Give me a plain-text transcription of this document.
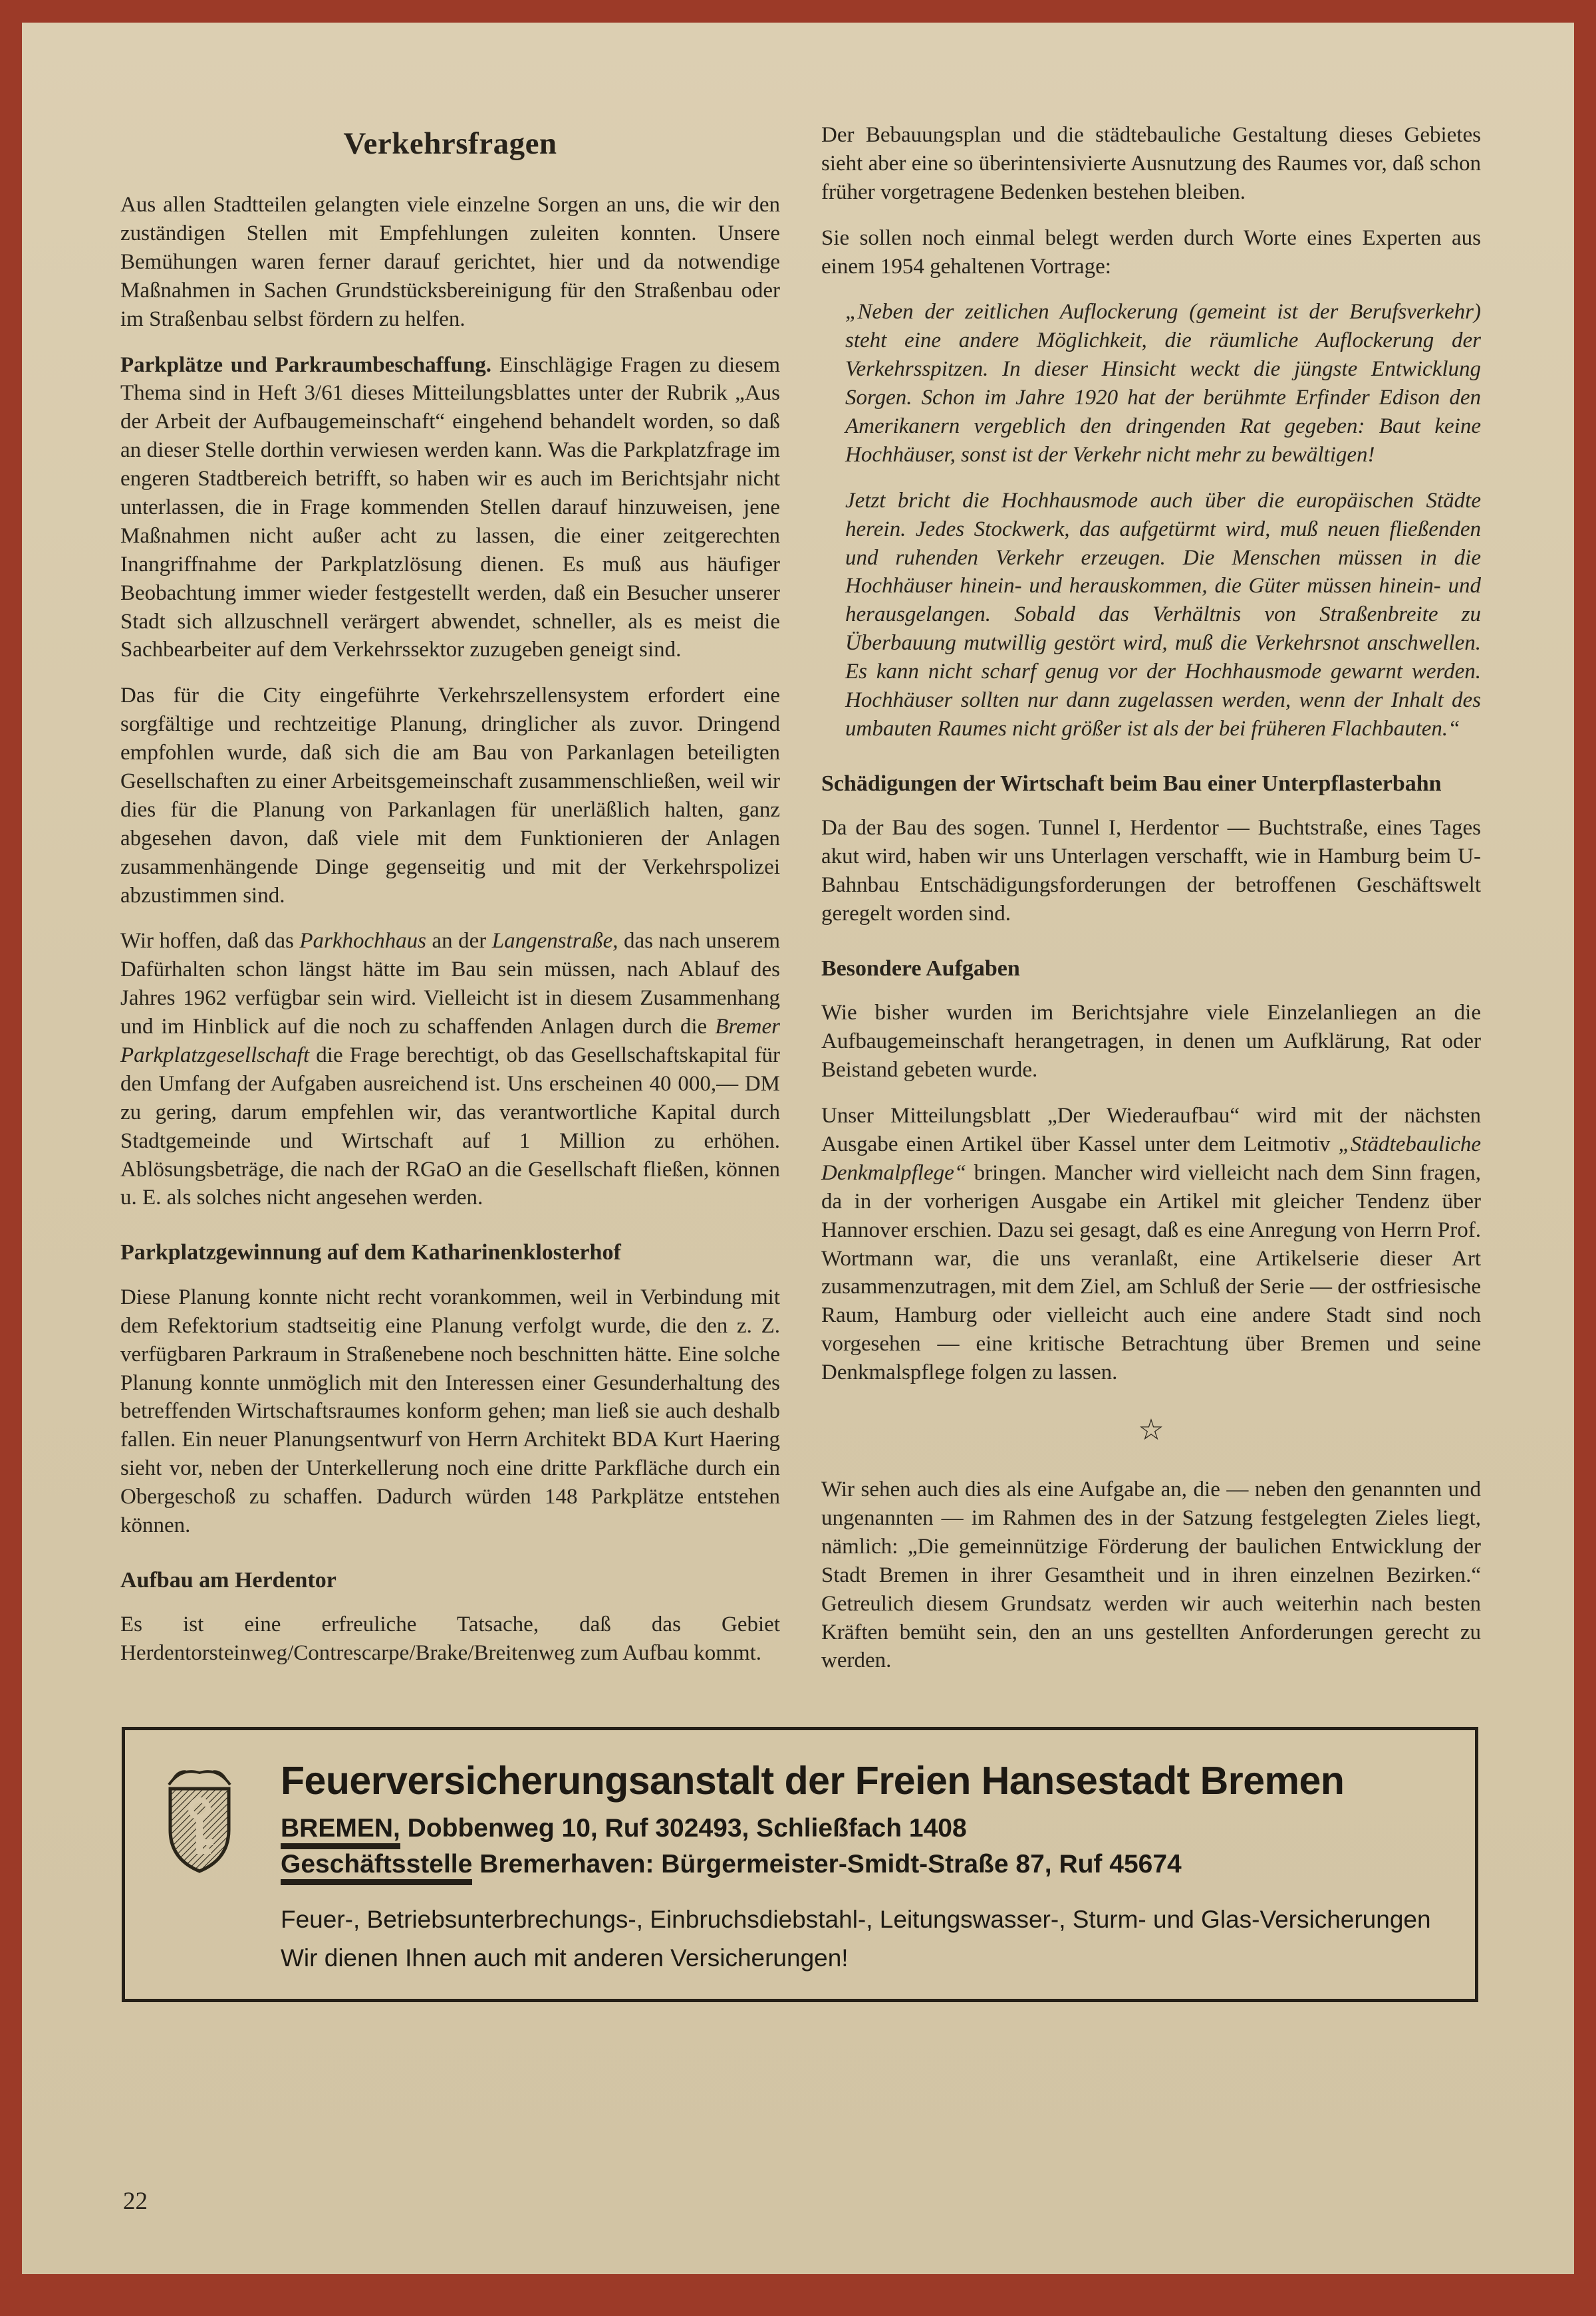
Verkehrsfragen

Aus allen Stadtteilen gelangten viele einzelne Sorgen an uns, die wir den zuständigen Stellen mit Empfehlungen zuleiten konnten. Unsere Bemühungen waren ferner darauf gerichtet, hier und da notwendige Maßnahmen in Sachen Grundstücksbereinigung für den Straßenbau oder im Straßenbau selbst fördern zu helfen.

Parkplätze und Parkraumbeschaffung. Einschlägige Fragen zu diesem Thema sind in Heft 3/61 dieses Mitteilungsblattes unter der Rubrik „Aus der Arbeit der Aufbaugemeinschaft“ eingehend behandelt worden, so daß an dieser Stelle dorthin verwiesen werden kann. Was die Parkplatzfrage im engeren Stadtbereich betrifft, so haben wir es auch im Berichtsjahr nicht unterlassen, die in Frage kommenden Stellen darauf hinzuweisen, jene Maßnahmen nicht außer acht zu lassen, die einer zeitgerechten Inangriffnahme der Parkplatzlösung dienen. Es muß aus häufiger Beobachtung immer wieder festgestellt werden, daß ein Besucher unserer Stadt sich allzuschnell verärgert abwendet, schneller, als es meist die Sachbearbeiter auf dem Verkehrssektor zuzugeben geneigt sind.

Das für die City eingeführte Verkehrszellensystem erfordert eine sorgfältige und rechtzeitige Planung, dringlicher als zuvor. Dringend empfohlen wurde, daß sich die am Bau von Parkanlagen beteiligten Gesellschaften zu einer Arbeitsgemeinschaft zusammenschließen, weil wir dies für die Planung von Parkanlagen für unerläßlich halten, ganz abgesehen davon, daß viele mit dem Funktionieren der Anlagen zusammenhängende Dinge gegenseitig und mit der Verkehrspolizei abzustimmen sind.

Wir hoffen, daß das Parkhochhaus an der Langenstraße, das nach unserem Dafürhalten schon längst hätte im Bau sein müssen, nach Ablauf des Jahres 1962 verfügbar sein wird. Vielleicht ist in diesem Zusammenhang und im Hinblick auf die noch zu schaffenden Anlagen durch die Bremer Parkplatzgesellschaft die Frage berechtigt, ob das Gesellschaftskapital für den Umfang der Aufgaben ausreichend ist. Uns erscheinen 40 000,— DM zu gering, darum empfehlen wir, das verantwortliche Kapital durch Stadtgemeinde und Wirtschaft auf 1 Million zu erhöhen. Ablösungsbeträge, die nach der RGaO an die Gesellschaft fließen, können u. E. als solches nicht angesehen werden.

Parkplatzgewinnung auf dem Katharinenklosterhof

Diese Planung konnte nicht recht vorankommen, weil in Verbindung mit dem Refektorium stadtseitig eine Planung verfolgt wurde, die den z. Z. verfügbaren Parkraum in Straßenebene noch beschnitten hätte. Eine solche Planung konnte unmöglich mit den Interessen einer Gesunderhaltung des betreffenden Wirtschaftsraumes konform gehen; man ließ sie auch deshalb fallen. Ein neuer Planungsentwurf von Herrn Architekt BDA Kurt Haering sieht vor, neben der Unterkellerung noch eine dritte Parkfläche durch ein Obergeschoß zu schaffen. Dadurch würden 148 Parkplätze entstehen können.

Aufbau am Herdentor

Es ist eine erfreuliche Tatsache, daß das Gebiet Herdentorsteinweg/Contrescarpe/Brake/Breitenweg zum Aufbau kommt.

Der Bebauungsplan und die städtebauliche Gestaltung dieses Gebietes sieht aber eine so überintensivierte Ausnutzung des Raumes vor, daß schon früher vorgetragene Bedenken bestehen bleiben.

Sie sollen noch einmal belegt werden durch Worte eines Experten aus einem 1954 gehaltenen Vortrage:

„Neben der zeitlichen Auflockerung (gemeint ist der Berufsverkehr) steht eine andere Möglichkeit, die räumliche Auflockerung der Verkehrsspitzen. In dieser Hinsicht weckt die jüngste Entwicklung Sorgen. Schon im Jahre 1920 hat der berühmte Erfinder Edison den Amerikanern vergeblich den dringenden Rat gegeben: Baut keine Hochhäuser, sonst ist der Verkehr nicht mehr zu bewältigen!

Jetzt bricht die Hochhausmode auch über die europäischen Städte herein. Jedes Stockwerk, das aufgetürmt wird, muß neuen fließenden und ruhenden Verkehr erzeugen. Die Menschen müssen in die Hochhäuser hinein- und herauskommen, die Güter müssen hinein- und herausgelangen. Sobald das Verhältnis von Straßenbreite zu Überbauung mutwillig gestört wird, muß die Verkehrsnot anschwellen. Es kann nicht scharf genug vor der Hochhausmode gewarnt werden. Hochhäuser sollten nur dann zugelassen werden, wenn der Inhalt des umbauten Raumes nicht größer ist als der bei früheren Flachbauten.“

Schädigungen der Wirtschaft beim Bau einer Unterpflasterbahn

Da der Bau des sogen. Tunnel I, Herdentor — Buchtstraße, eines Tages akut wird, haben wir uns Unterlagen verschafft, wie in Hamburg beim U-Bahnbau Entschädigungsforderungen der betroffenen Geschäftswelt geregelt worden sind.

Besondere Aufgaben

Wie bisher wurden im Berichtsjahre viele Einzelanliegen an die Aufbaugemeinschaft herangetragen, in denen um Aufklärung, Rat oder Beistand gebeten wurde.

Unser Mitteilungsblatt „Der Wiederaufbau“ wird mit der nächsten Ausgabe einen Artikel über Kassel unter dem Leitmotiv „Städtebauliche Denkmalpflege“ bringen. Mancher wird vielleicht nach dem Sinn fragen, da in der vorherigen Ausgabe ein Artikel mit gleicher Tendenz über Hannover erschien. Dazu sei gesagt, daß es eine Anregung von Herrn Prof. Wortmann war, die uns veranlaßt, eine Artikelserie dieser Art zusammenzutragen, mit dem Ziel, am Schluß der Serie — der ostfriesische Raum, Hamburg oder vielleicht auch eine andere Stadt sind noch vorgesehen — eine kritische Betrachtung über Bremen und seine Denkmalspflege folgen zu lassen.

☆

Wir sehen auch dies als eine Aufgabe an, die — neben den genannten und ungenannten — im Rahmen des in der Satzung festgelegten Zieles liegt, nämlich: „Die gemeinnützige Förderung der baulichen Entwicklung der Stadt Bremen in ihrer Gesamtheit und in ihren einzelnen Bezirken.“ Getreulich diesem Grundsatz werden wir auch weiterhin nach besten Kräften bemüht sein, den an uns gestellten Anforderungen gerecht zu werden.

Feuerversicherungsanstalt der Freien Hansestadt Bremen
BREMEN, Dobbenweg 10, Ruf 302493, Schließfach 1408
Geschäftsstelle Bremerhaven: Bürgermeister-Smidt-Straße 87, Ruf 45674
Feuer-, Betriebsunterbrechungs-, Einbruchsdiebstahl-, Leitungswasser-, Sturm- und Glas-Versicherungen
Wir dienen Ihnen auch mit anderen Versicherungen!
22
